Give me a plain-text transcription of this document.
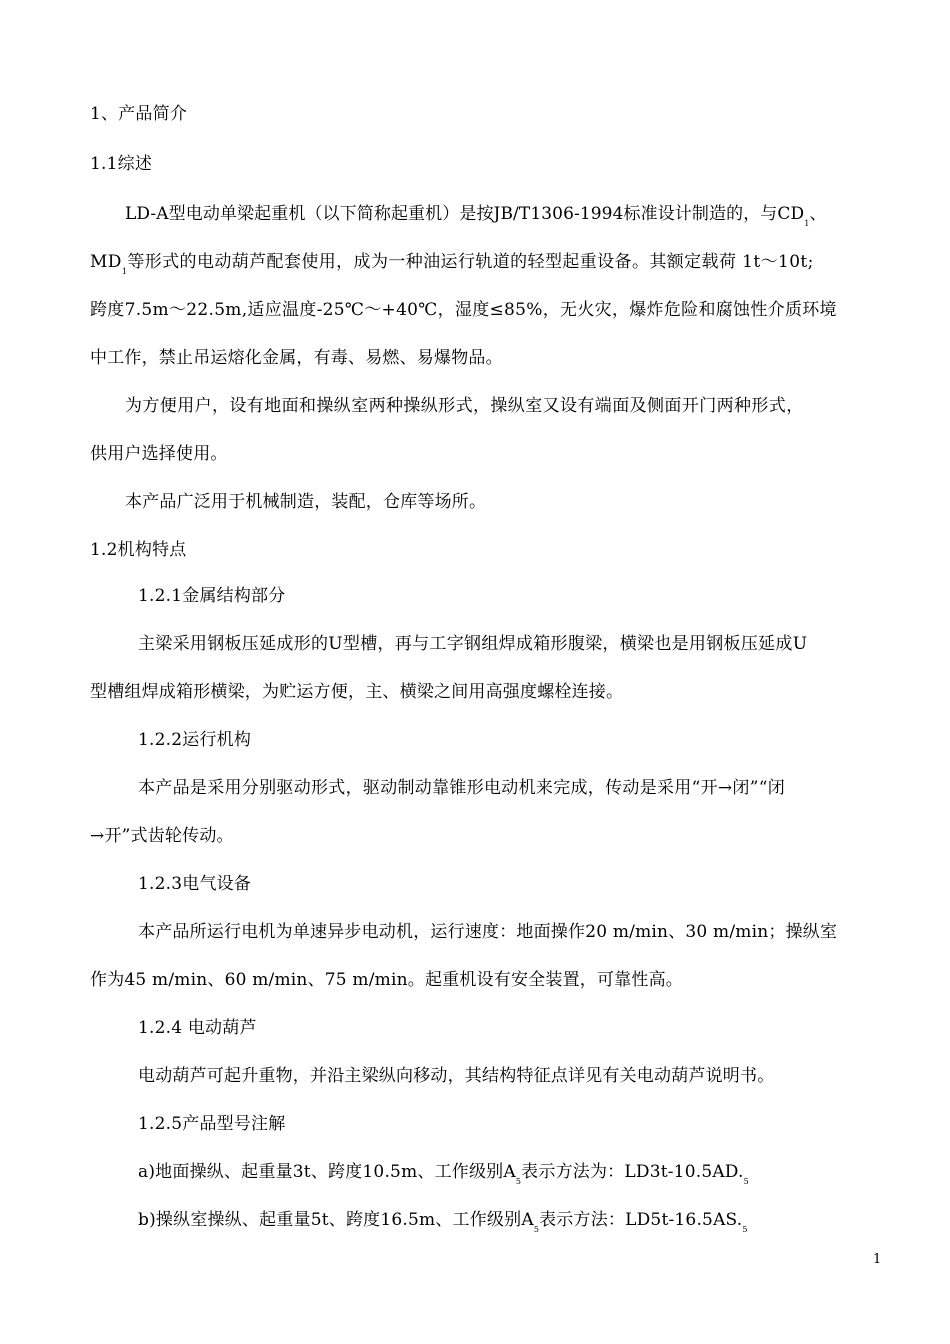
1、产品简介
1.1综述
LD-A型电动单梁起重机（以下简称起重机）是按JB/T1306-1994标准设计制造的，与$CD_1$、
$MD_1$等形式的电动葫芦配套使用，成为一种油运行轨道的轻型起重设备。其额定载荷 1t～10t;
跨度7.5m～22.5m,适应温度-25℃～+40℃，湿度≤85%，无火灾，爆炸危险和腐蚀性介质环境
中工作，禁止吊运熔化金属，有毒、易燃、易爆物品。
为方便用户，设有地面和操纵室两种操纵形式，操纵室又设有端面及侧面开门两种形式，
供用户选择使用。
本产品广泛用于机械制造，装配，仓库等场所。
1.2机构特点
1.2.1金属结构部分
主梁采用钢板压延成形的U型槽，再与工字钢组焊成箱形腹梁，横梁也是用钢板压延成U
型槽组焊成箱形横梁，为贮运方便，主、横梁之间用高强度螺栓连接。
1.2.2运行机构
本产品是采用分别驱动形式，驱动制动靠锥形电动机来完成，传动是采用“开→闭”“闭
→开”式齿轮传动。
1.2.3电气设备
本产品所运行电机为单速异步电动机，运行速度：地面操作20 m/min、30 m/min；操纵室
作为45 m/min、60 m/min、75 m/min。起重机设有安全装置，可靠性高。
1.2.4 电动葫芦
电动葫芦可起升重物，并沿主梁纵向移动，其结构特征点详见有关电动葫芦说明书。
1.2.5产品型号注解
a)地面操纵、起重量3t、跨度10.5m、工作级别$A_5$表示方法为：$LD3t-10.5AD._5$
b)操纵室操纵、起重量5t、跨度16.5m、工作级别$A_5$表示方法：$LD5t-16.5AS._5$
1
